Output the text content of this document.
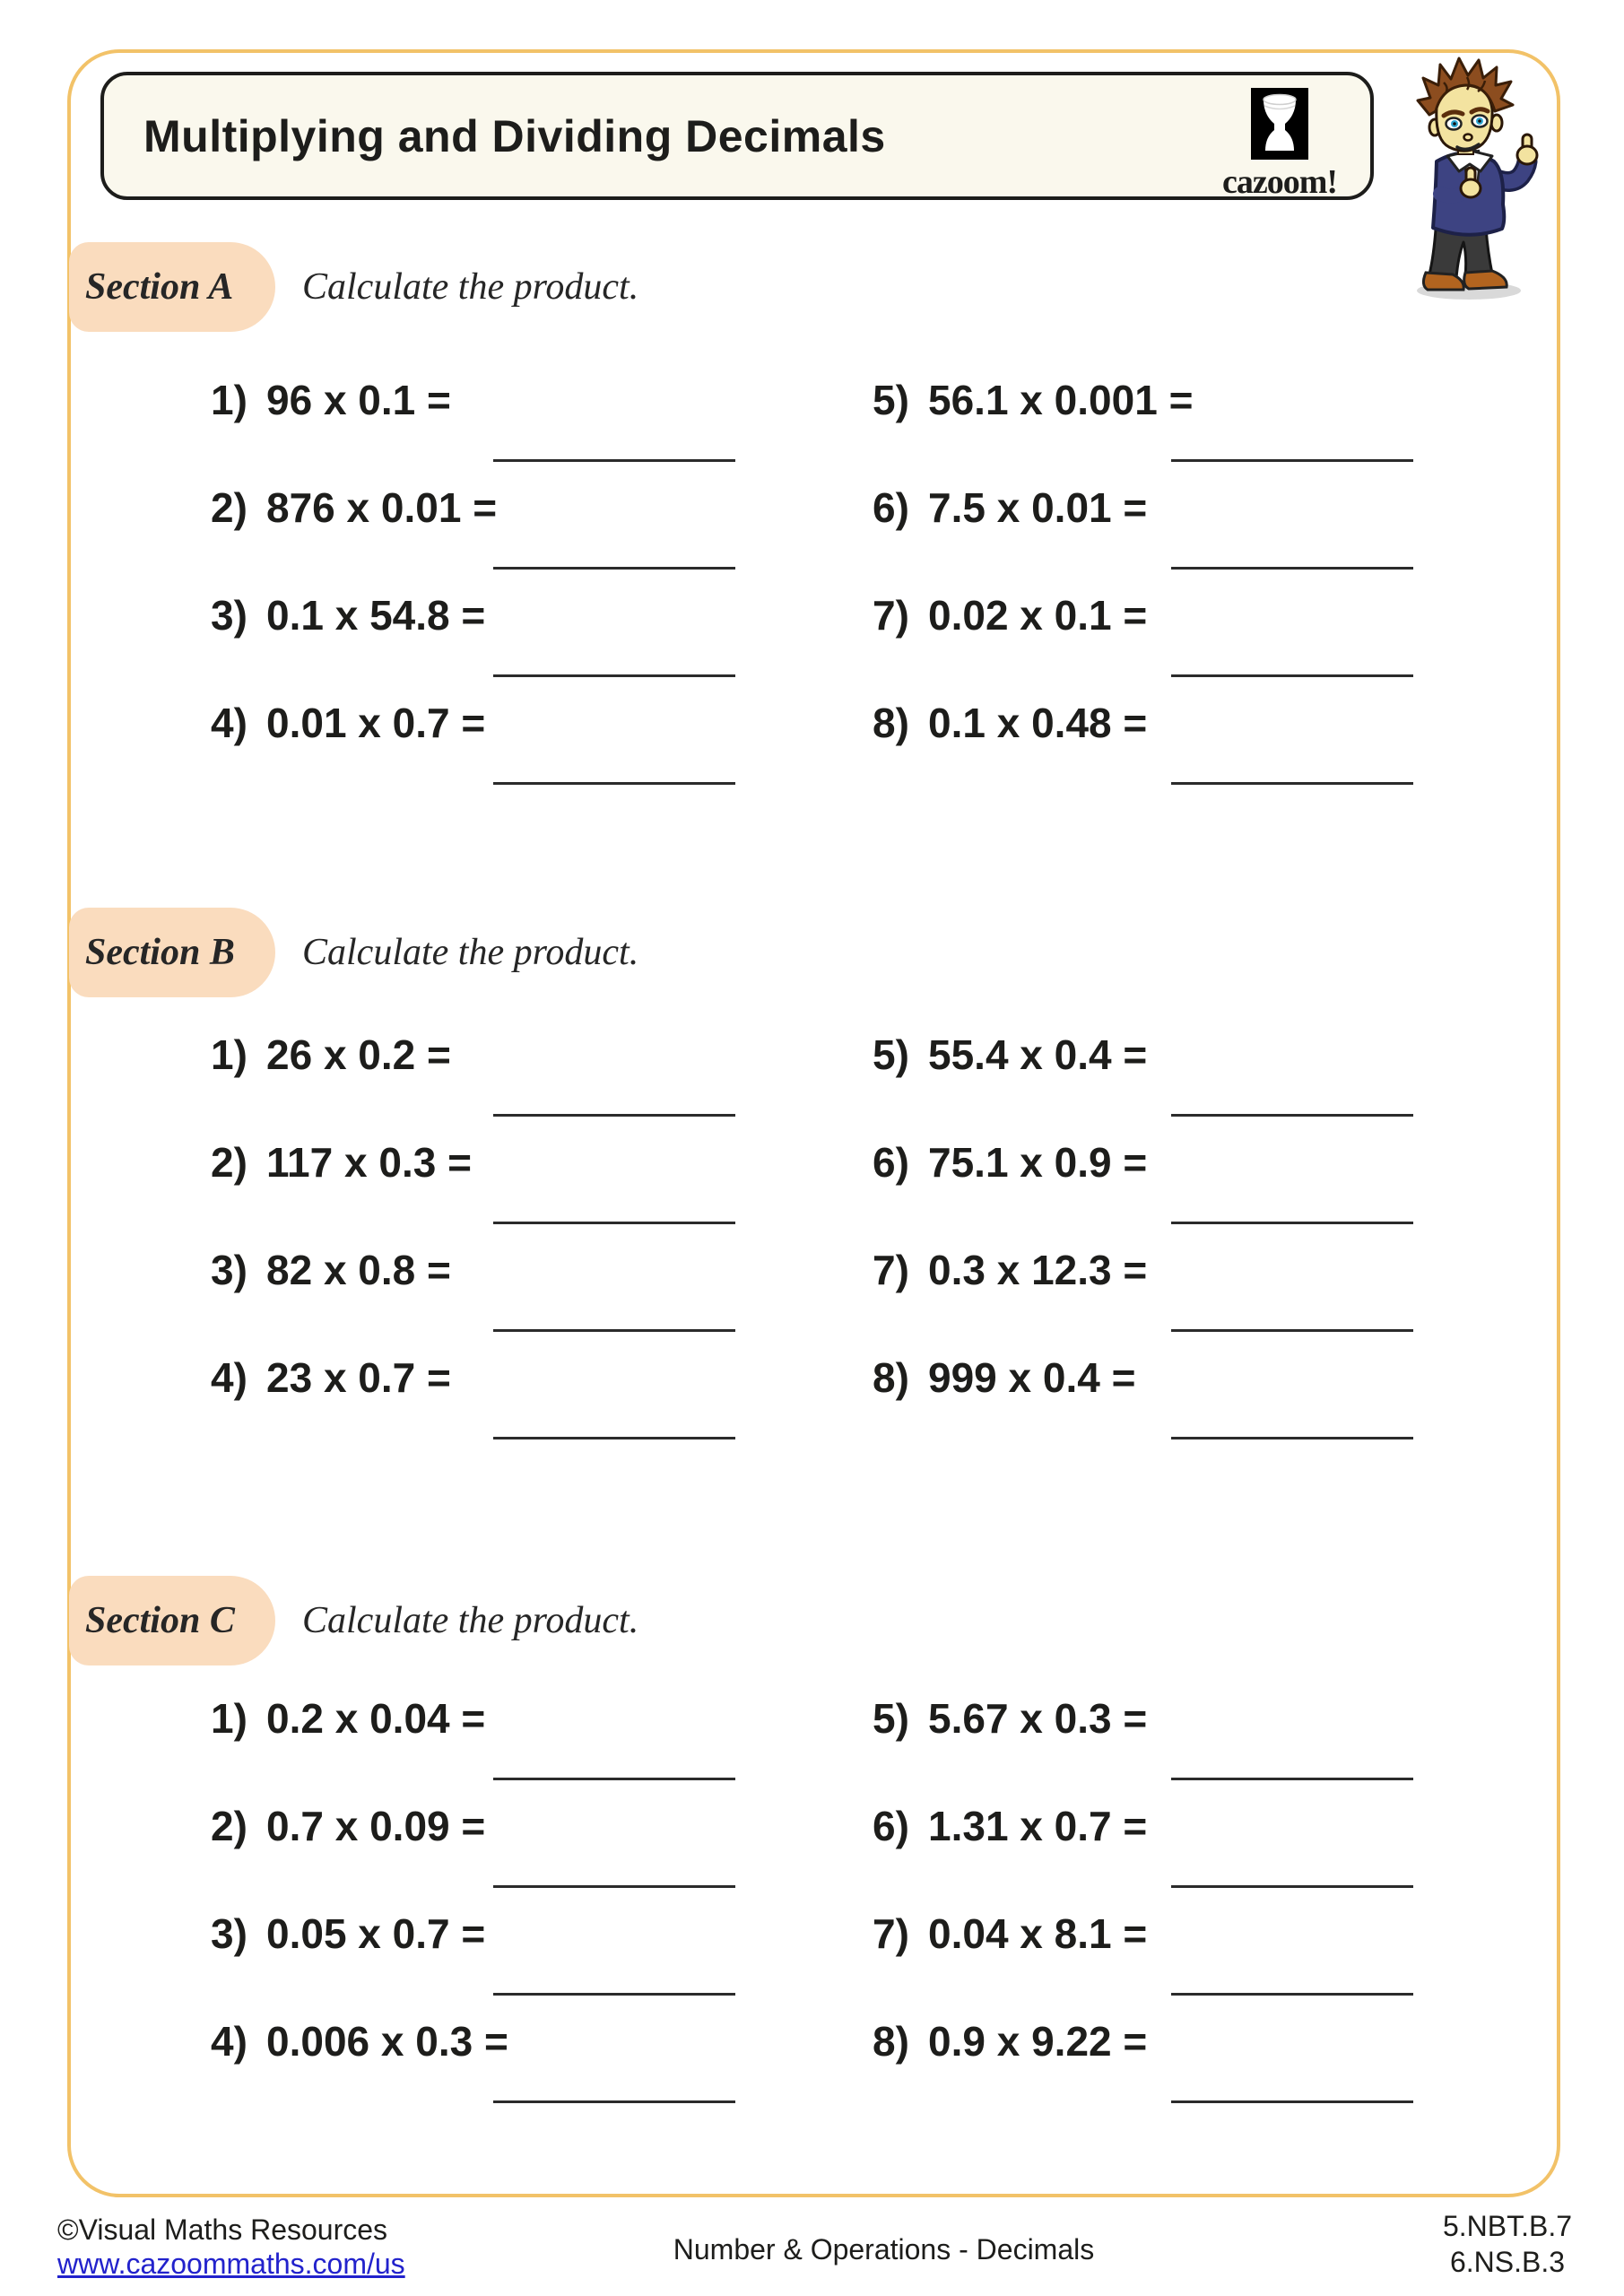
Multiplying and Dividing Decimals
cazoom!
Section A Calculate the product.
1) 96 x 0.1 =
2) 876 x 0.01 =
3) 0.1 x 54.8 =
4) 0.01 x 0.7 =
5) 56.1 x 0.001 =
6) 7.5 x 0.01 =
7) 0.02 x 0.1 =
8) 0.1 x 0.48 =
Section B Calculate the product.
1) 26 x 0.2 =
2) 117 x 0.3 =
3) 82 x 0.8 =
4) 23 x 0.7 =
5) 55.4 x 0.4 =
6) 75.1 x 0.9 =
7) 0.3 x 12.3 =
8) 999 x 0.4 =
Section C Calculate the product.
1) 0.2 x 0.04 =
2) 0.7 x 0.09 =
3) 0.05 x 0.7 =
4) 0.006 x 0.3 =
5) 5.67 x 0.3 =
6) 1.31 x 0.7 =
7) 0.04 x 8.1 =
8) 0.9 x 9.22 =
©Visual Maths Resources
www.cazoommaths.com/us	Number & Operations - Decimals
5.NBT.B.7
6.NS.B.3
